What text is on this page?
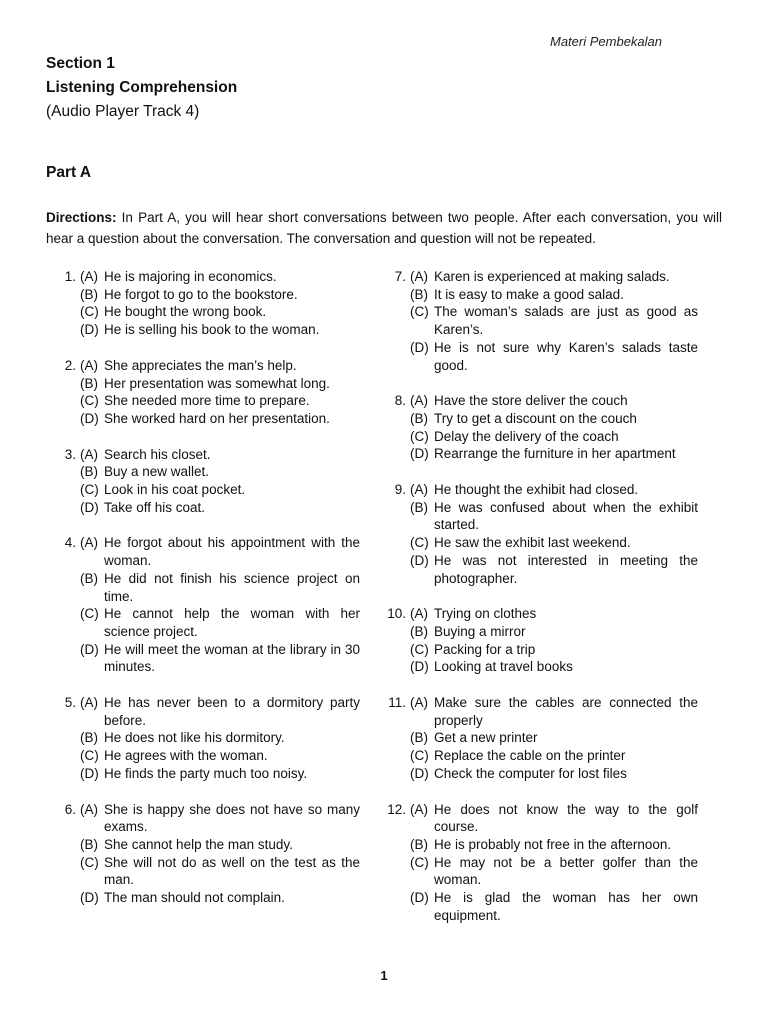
Materi Pembekalan
Section 1
Listening Comprehension
(Audio Player Track 4)
Part A
Directions: In Part A, you will hear short conversations between two people. After each conversation, you will hear a question about the conversation. The conversation and question will not be repeated.
1. (A) He is majoring in economics.
(B) He forgot to go to the bookstore.
(C) He bought the wrong book.
(D) He is selling his book to the woman.
2. (A) She appreciates the man’s help.
(B) Her presentation was somewhat long.
(C) She needed more time to prepare.
(D) She worked hard on her presentation.
3. (A) Search his closet.
(B) Buy a new wallet.
(C) Look in his coat pocket.
(D) Take off his coat.
4. (A) He forgot about his appointment with the woman.
(B) He did not finish his science project on time.
(C) He cannot help the woman with her science project.
(D) He will meet the woman at the library in 30 minutes.
5. (A) He has never been to a dormitory party before.
(B) He does not like his dormitory.
(C) He agrees with the woman.
(D) He finds the party much too noisy.
6. (A) She is happy she does not have so many exams.
(B) She cannot help the man study.
(C) She will not do as well on the test as the man.
(D) The man should not complain.
7. (A) Karen is experienced at making salads.
(B) It is easy to make a good salad.
(C) The woman’s salads are just as good as Karen’s.
(D) He is not sure why Karen’s salads taste good.
8. (A) Have the store deliver the couch
(B) Try to get a discount on the couch
(C) Delay the delivery of the coach
(D) Rearrange the furniture in her apartment
9. (A) He thought the exhibit had closed.
(B) He was confused about when the exhibit started.
(C) He saw the exhibit last weekend.
(D) He was not interested in meeting the photographer.
10. (A) Trying on clothes
(B) Buying a mirror
(C) Packing for a trip
(D) Looking at travel books
11. (A) Make sure the cables are connected the properly
(B) Get a new printer
(C) Replace the cable on the printer
(D) Check the computer for lost files
12. (A) He does not know the way to the golf course.
(B) He is probably not free in the afternoon.
(C) He may not be a better golfer than the woman.
(D) He is glad the woman has her own equipment.
1
